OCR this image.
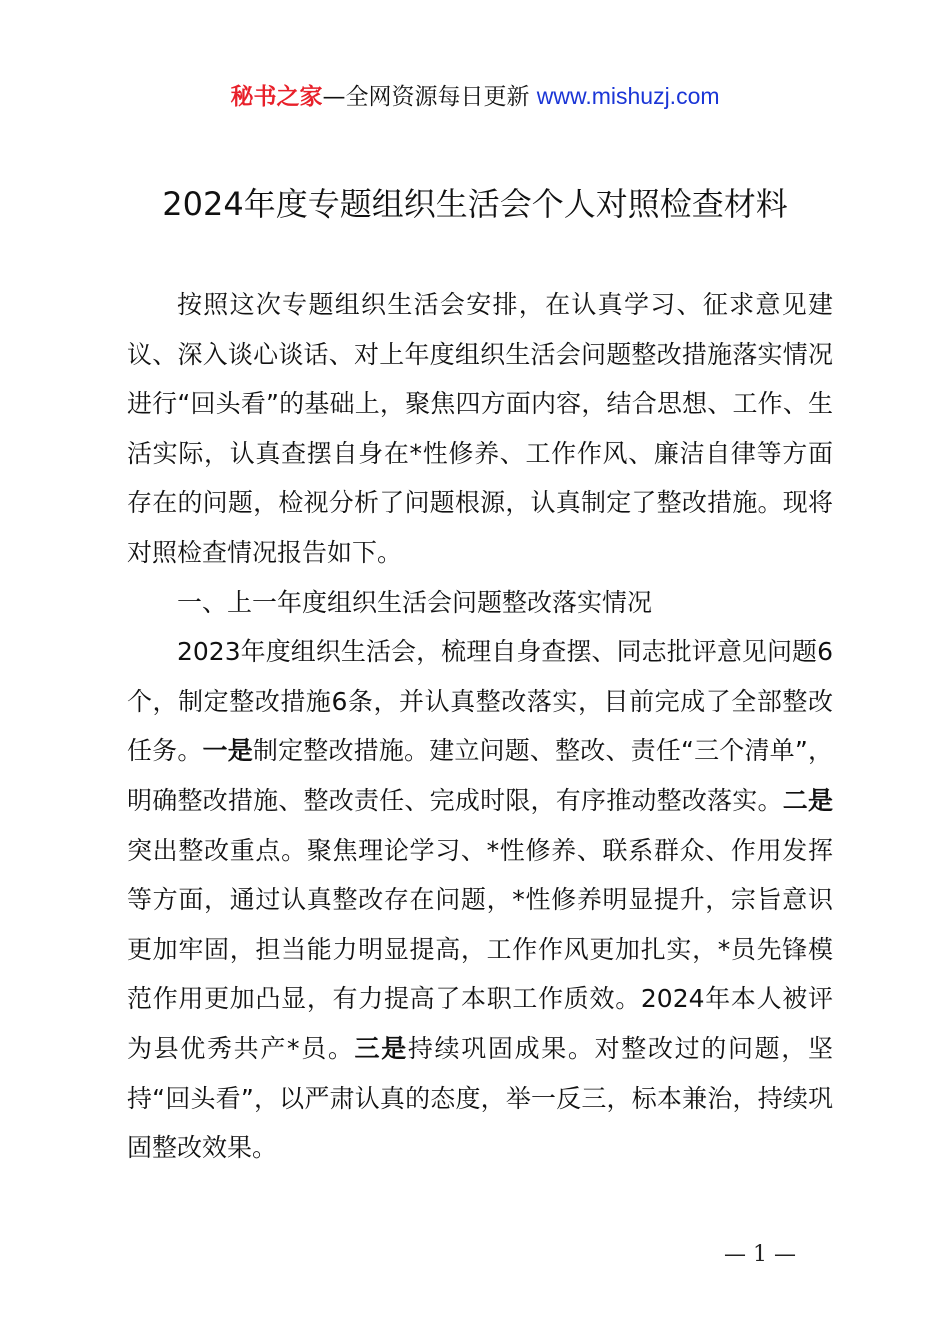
秘书之家—全网资源每日更新 www.mishuzj.com
2024年度专题组织生活会个人对照检查材料

按照这次专题组织生活会安排，在认真学习、征求意见建议、深入谈心谈话、对上年度组织生活会问题整改措施落实情况进行“回头看”的基础上，聚焦四方面内容，结合思想、工作、生活实际，认真查摆自身在*性修养、工作作风、廉洁自律等方面存在的问题，检视分析了问题根源，认真制定了整改措施。现将对照检查情况报告如下。

一、上一年度组织生活会问题整改落实情况

2023年度组织生活会，梳理自身查摆、同志批评意见问题6个，制定整改措施6条，并认真整改落实，目前完成了全部整改任务。一是制定整改措施。建立问题、整改、责任“三个清单”，明确整改措施、整改责任、完成时限，有序推动整改落实。二是突出整改重点。聚焦理论学习、*性修养、联系群众、作用发挥等方面，通过认真整改存在问题，*性修养明显提升，宗旨意识更加牢固，担当能力明显提高，工作作风更加扎实，*员先锋模范作用更加凸显，有力提高了本职工作质效。2024年本人被评为县优秀共产*员。三是持续巩固成果。对整改过的问题，坚持“回头看”，以严肃认真的态度，举一反三，标本兼治，持续巩固整改效果。

— 1 —
